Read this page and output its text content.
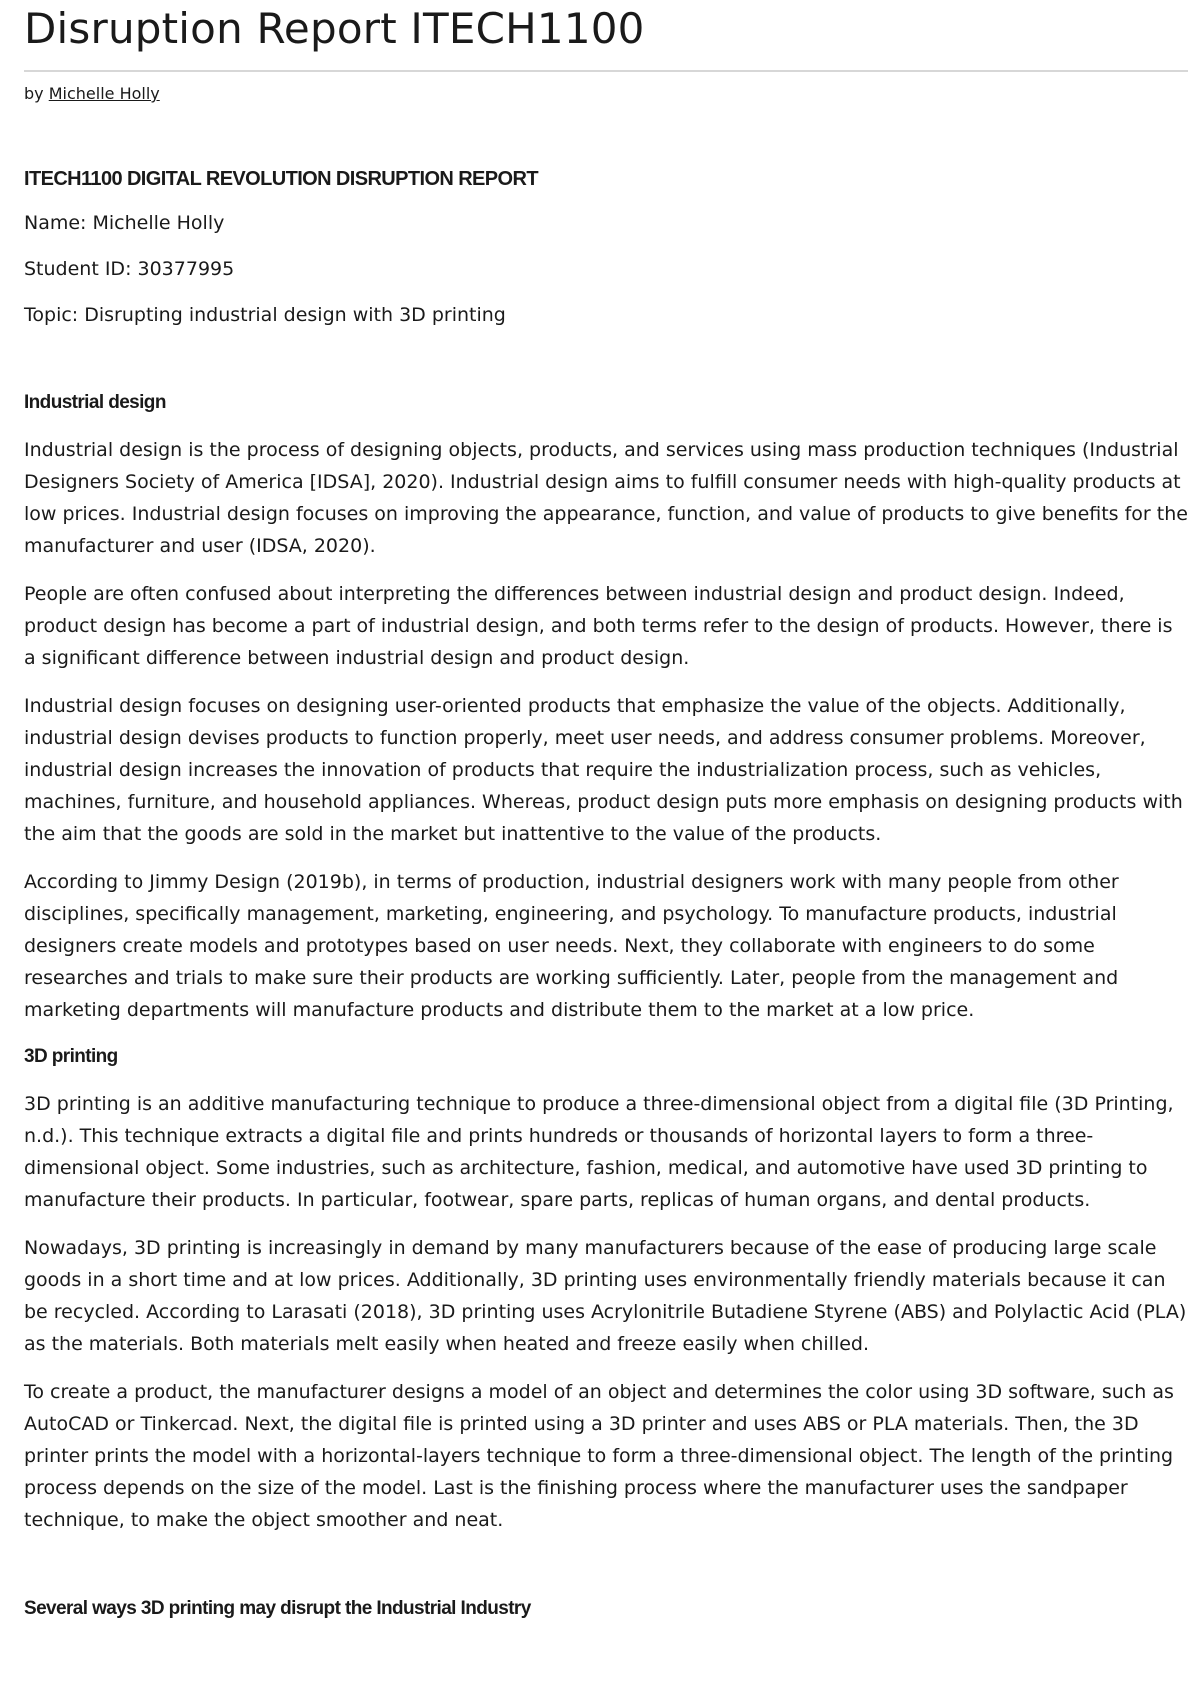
Disruption Report ITECH1100

by Michelle Holly

ITECH1100 DIGITAL REVOLUTION DISRUPTION REPORT

Name: Michelle Holly

Student ID: 30377995

Topic: Disrupting industrial design with 3D printing

Industrial design

Industrial design is the process of designing objects, products, and services using mass production techniques (Industrial Designers Society of America [IDSA], 2020). Industrial design aims to fulfill consumer needs with high-quality products at low prices. Industrial design focuses on improving the appearance, function, and value of products to give benefits for the manufacturer and user (IDSA, 2020).

People are often confused about interpreting the differences between industrial design and product design. Indeed, product design has become a part of industrial design, and both terms refer to the design of products. However, there is a significant difference between industrial design and product design.

Industrial design focuses on designing user-oriented products that emphasize the value of the objects. Additionally, industrial design devises products to function properly, meet user needs, and address consumer problems. Moreover, industrial design increases the innovation of products that require the industrialization process, such as vehicles, machines, furniture, and household appliances. Whereas, product design puts more emphasis on designing products with the aim that the goods are sold in the market but inattentive to the value of the products.

According to Jimmy Design (2019b), in terms of production, industrial designers work with many people from other disciplines, specifically management, marketing, engineering, and psychology. To manufacture products, industrial designers create models and prototypes based on user needs. Next, they collaborate with engineers to do some researches and trials to make sure their products are working sufficiently. Later, people from the management and marketing departments will manufacture products and distribute them to the market at a low price.

3D printing

3D printing is an additive manufacturing technique to produce a three-dimensional object from a digital file (3D Printing, n.d.). This technique extracts a digital file and prints hundreds or thousands of horizontal layers to form a three-dimensional object. Some industries, such as architecture, fashion, medical, and automotive have used 3D printing to manufacture their products. In particular, footwear, spare parts, replicas of human organs, and dental products.

Nowadays, 3D printing is increasingly in demand by many manufacturers because of the ease of producing large scale goods in a short time and at low prices. Additionally, 3D printing uses environmentally friendly materials because it can be recycled. According to Larasati (2018), 3D printing uses Acrylonitrile Butadiene Styrene (ABS) and Polylactic Acid (PLA) as the materials. Both materials melt easily when heated and freeze easily when chilled.

To create a product, the manufacturer designs a model of an object and determines the color using 3D software, such as AutoCAD or Tinkercad. Next, the digital file is printed using a 3D printer and uses ABS or PLA materials. Then, the 3D printer prints the model with a horizontal-layers technique to form a three-dimensional object. The length of the printing process depends on the size of the model. Last is the finishing process where the manufacturer uses the sandpaper technique, to make the object smoother and neat.

Several ways 3D printing may disrupt the Industrial Industry
